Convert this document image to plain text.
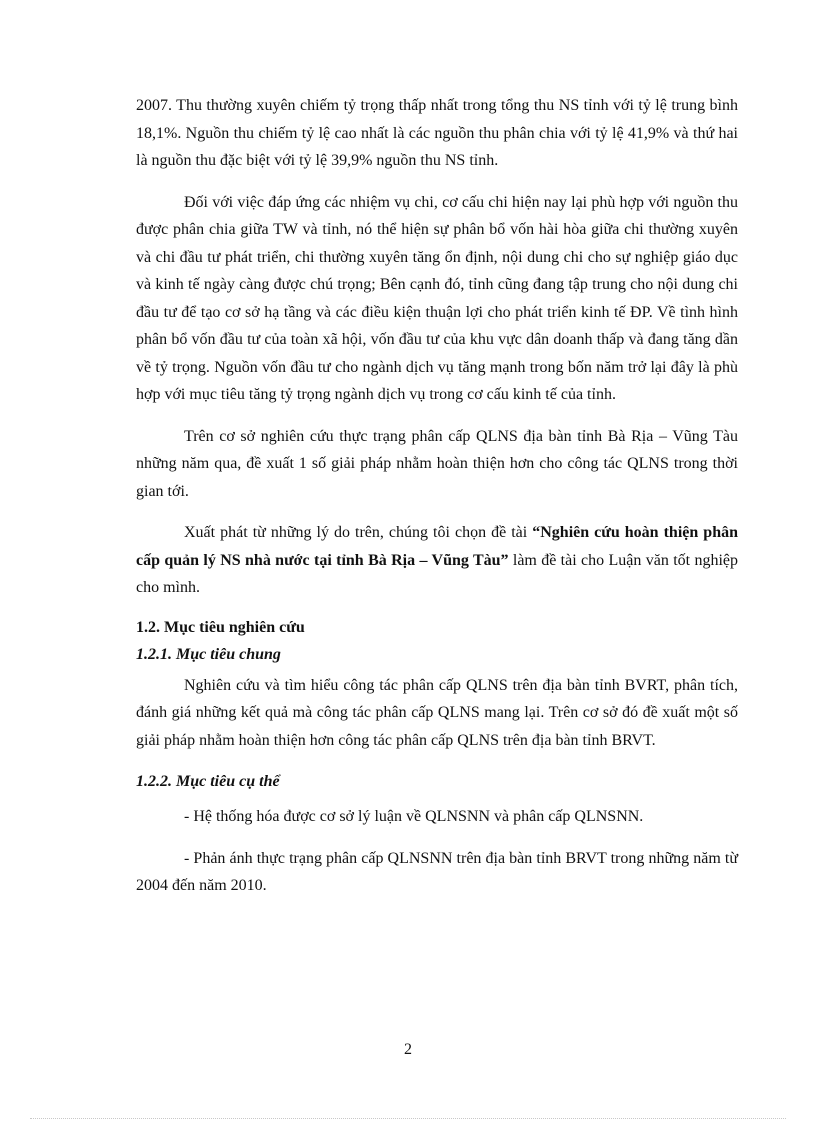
2007. Thu thường xuyên chiếm tỷ trọng thấp nhất trong tổng thu NS tỉnh với tỷ lệ trung bình 18,1%. Nguồn thu chiếm tỷ lệ cao nhất là các nguồn thu phân chia với tỷ lệ 41,9% và thứ hai là nguồn thu đặc biệt với tỷ lệ 39,9% nguồn thu NS tỉnh.

Đối với việc đáp ứng các nhiệm vụ chi, cơ cấu chi hiện nay lại phù hợp với nguồn thu được phân chia giữa TW và tỉnh, nó thể hiện sự phân bổ vốn hài hòa giữa chi thường xuyên và chi đầu tư phát triển, chi thường xuyên tăng ổn định, nội dung chi cho sự nghiệp giáo dục và kinh tế ngày càng được chú trọng; Bên cạnh đó, tỉnh cũng đang tập trung cho nội dung chi đầu tư để tạo cơ sở hạ tầng và các điều kiện thuận lợi cho phát triển kinh tế ĐP. Về tình hình phân bổ vốn đầu tư của toàn xã hội, vốn đầu tư của khu vực dân doanh thấp và đang tăng dần về tỷ trọng. Nguồn vốn đầu tư cho ngành dịch vụ tăng mạnh trong bốn năm trở lại đây là phù hợp với mục tiêu tăng tỷ trọng ngành dịch vụ trong cơ cấu kinh tế của tỉnh.

Trên cơ sở nghiên cứu thực trạng phân cấp QLNS địa bàn tỉnh Bà Rịa – Vũng Tàu những năm qua, đề xuất 1 số giải pháp nhằm hoàn thiện hơn cho công tác QLNS trong thời gian tới.

Xuất phát từ những lý do trên, chúng tôi chọn đề tài “Nghiên cứu hoàn thiện phân cấp quản lý NS nhà nước tại tỉnh Bà Rịa – Vũng Tàu” làm đề tài cho Luận văn tốt nghiệp cho mình.

1.2. Mục tiêu nghiên cứu
1.2.1. Mục tiêu chung

Nghiên cứu và tìm hiểu công tác phân cấp QLNS trên địa bàn tỉnh BVRT, phân tích, đánh giá những kết quả mà công tác phân cấp QLNS mang lại. Trên cơ sở đó đề xuất một số giải pháp nhằm hoàn thiện hơn công tác phân cấp QLNS trên địa bàn tỉnh BRVT.

1.2.2. Mục tiêu cụ thể

- Hệ thống hóa được cơ sở lý luận về QLNSNN và phân cấp QLNSNN.

- Phản ánh thực trạng phân cấp QLNSNN trên địa bàn tỉnh BRVT trong những năm từ 2004 đến năm 2010.

2
